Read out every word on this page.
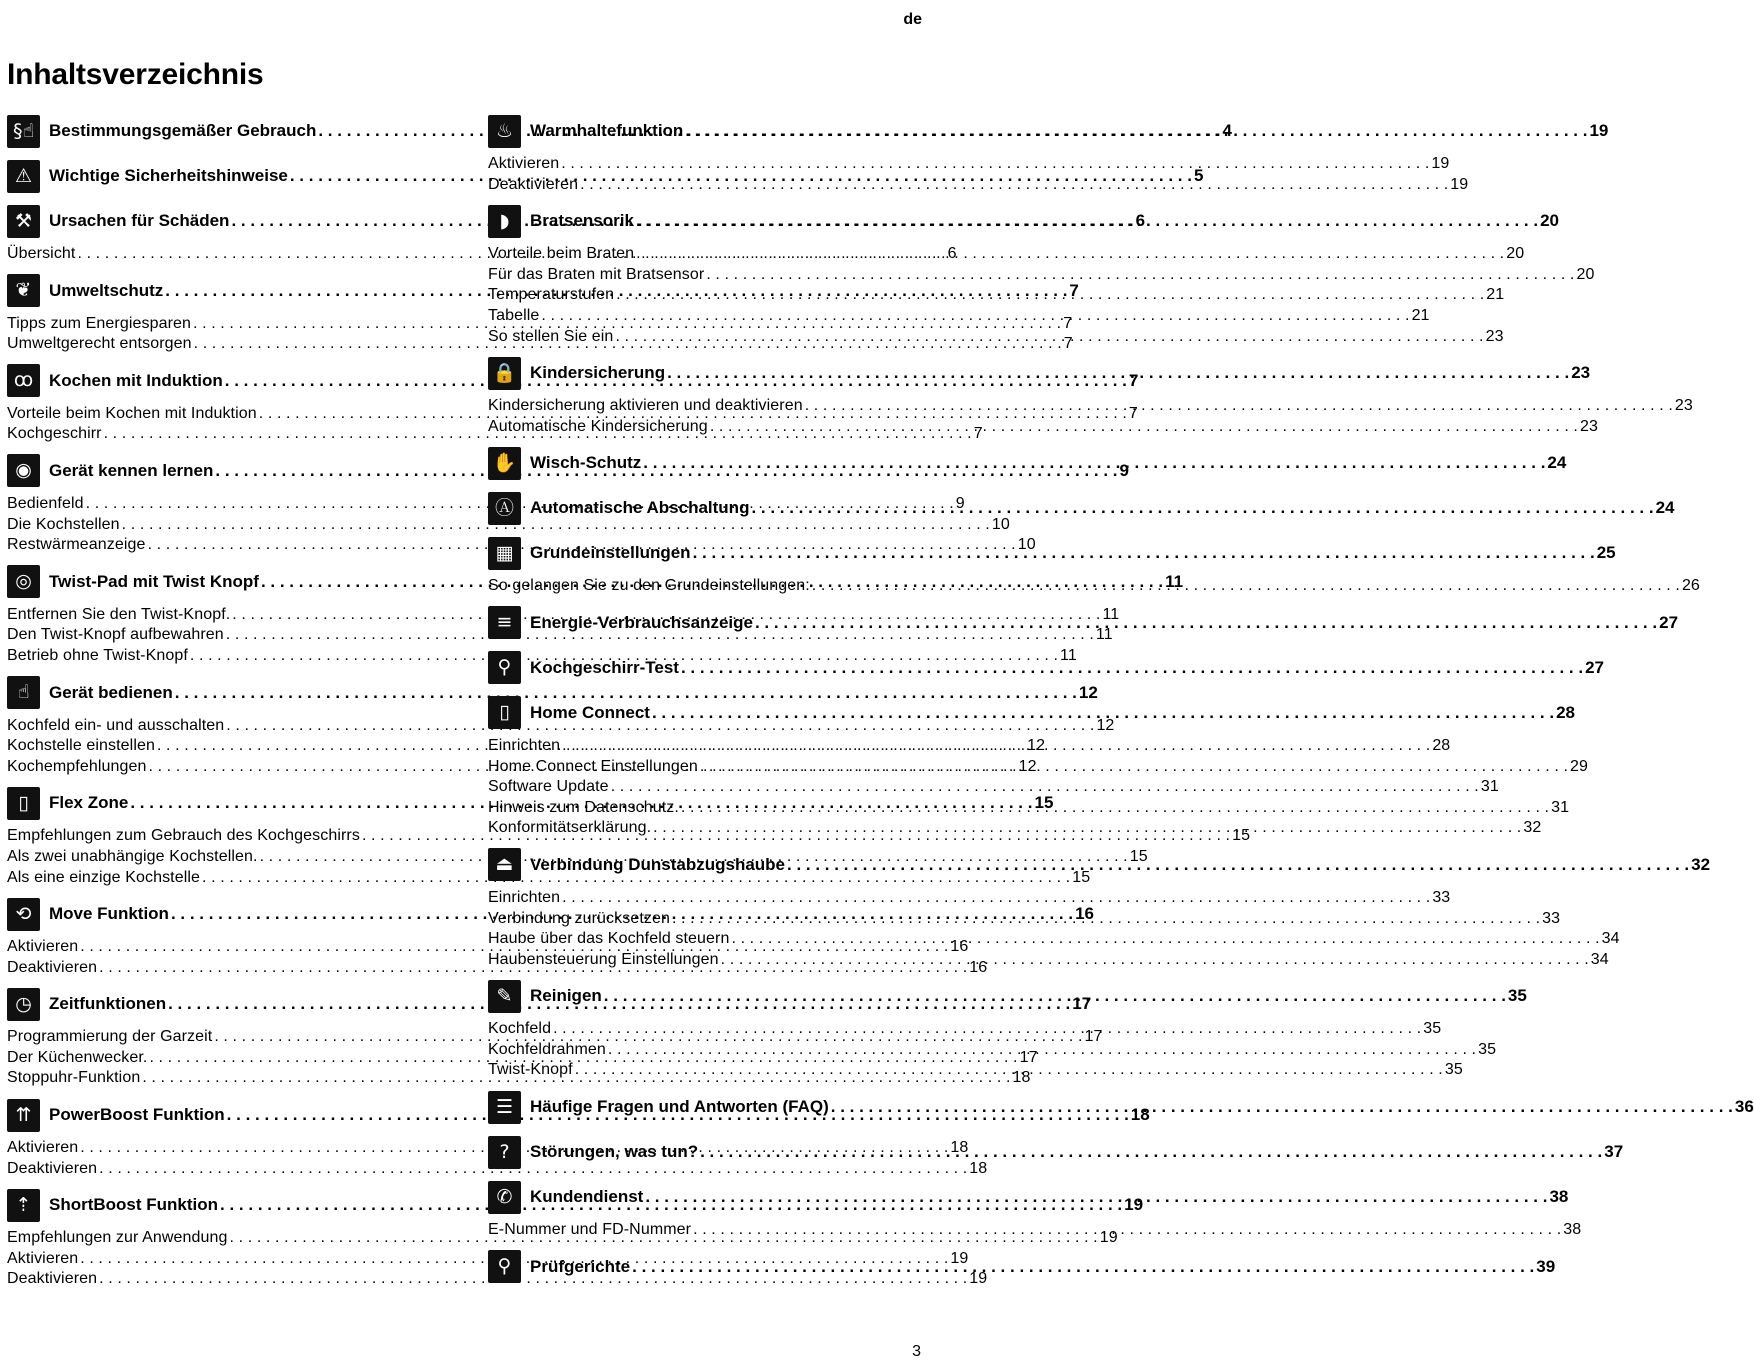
de
Inhaltsverzeichnis
§☝ Bestimmungsgemäßer Gebrauch . . .	4
⚠ Wichtige Sicherheitshinweise . . .	5
⚒ Ursachen für Schäden . . .	6
Übersicht . . .	6
❦	Umweltschutz . . .	7
Tipps zum Energiesparen . . .	7
Umweltgerecht entsorgen . . .	7
ꝏ Kochen mit Induktion . . .	7
Vorteile beim Kochen mit Induktion . . .	7
Kochgeschirr . . .	7
◉	Gerät kennen lernen . . .	9
Bedienfeld . . .	9
Die Kochstellen . . .	10
Restwärmeanzeige . . .	10
◎	Twist-Pad mit Twist Knopf . . .	11
Entfernen Sie den Twist-Knopf. . . .	11
Den Twist-Knopf aufbewahren . . .	11
Betrieb ohne Twist-Knopf . . .	11
☝	Gerät bedienen . . .	12
Kochfeld ein- und ausschalten . . .	12
Kochstelle einstellen . . .	12
Kochempfehlungen . . .	12
▯	Flex Zone . . .	15
Empfehlungen zum Gebrauch des Kochgeschirrs . . .	15
Als zwei unabhängige Kochstellen. . . .	15
Als eine einzige Kochstelle . . .	15
⟲	Move Funktion . . .	16
Aktivieren . . .	16
Deaktivieren . . .	16
◷	Zeitfunktionen . . .	17
Programmierung der Garzeit . . .	17
Der Küchenwecker. . . .	17
Stoppuhr-Funktion . . .	18
⇈	PowerBoost Funktion . . .	18
Aktivieren . . .	18
Deaktivieren . . .	18
⇡	ShortBoost Funktion . . .	19
Empfehlungen zur Anwendung . . .	19
Aktivieren . . .	19
Deaktivieren . . .	19
♨ Warmhaltefunktion . . .	19
Aktivieren . . .	19
Deaktivieren . . .	19
◗	Bratsensorik . . .	20
Vorteile beim Braten . . .	20
Für das Braten mit Bratsensor . . .	20
Temperaturstufen . . .	21
Tabelle . . .	21
So stellen Sie ein . . .	23
🔒 Kindersicherung . . .	23
Kindersicherung aktivieren und deaktivieren . . .	23
Automatische Kindersicherung . . .	23
✋ Wisch-Schutz . . .	24
Ⓐ Automatische Abschaltung . . .	24
▦ Grundeinstellungen . . .	25
So gelangen Sie zu den Grundeinstellungen: . . .	26
≡	Energie-Verbrauchsanzeige . . .	27
⚲	Kochgeschirr-Test . . .	27
▯	Home Connect . . .	28
Einrichten . . .	28
Home Connect Einstellungen . . .	29
Software Update . . .	31
Hinweis zum Datenschutz. . . .	31
Konformitätserklärung. . . .	32
⏏ Verbindung Dunstabzugshaube . . .	32
Einrichten . . .	33
Verbindung zurücksetzen . . .	33
Haube über das Kochfeld steuern . . .	34
Haubensteuerung Einstellungen . . .	34
✎	Reinigen . . .	35
Kochfeld . . .	35
Kochfeldrahmen . . .	35
Twist-Knopf . . .	35
☰ Häufige Fragen und Antworten (FAQ) . . .	36
?	Störungen, was tun? . . .	37
✆	Kundendienst . . .	38
E-Nummer und FD-Nummer . . .	38
⚲	Prüfgerichte . . .	39
3
